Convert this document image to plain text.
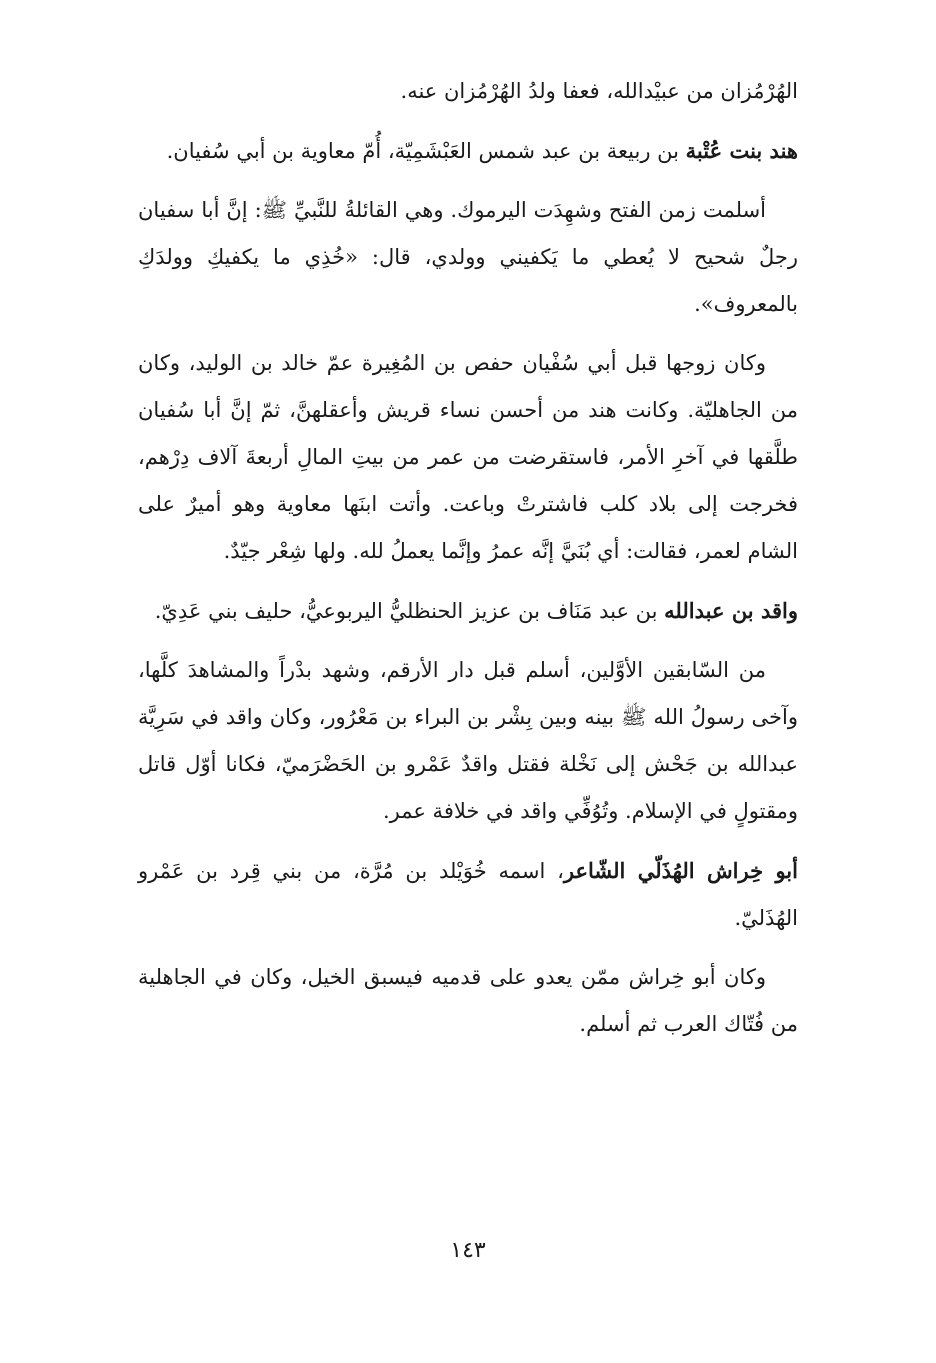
الهُرْمُزان من عبيْدالله، فعفا ولدُ الهُرْمُزان عنه.

هند بنت عُتْبة بن ربيعة بن عبد شمس العَبْشَمِيّة، أُمّ معاوية بن أبي سُفيان.

أسلمت زمن الفتح وشهِدَت اليرموك. وهي القائلةُ للنَّبيِّ ﷺ: إنَّ أبا سفيان رجلٌ شحيح لا يُعطي ما يَكفيني وولدي، قال: «خُذِي ما يكفيكِ وولدَكِ بالمعروف».

وكان زوجها قبل أبي سُفْيان حفص بن المُغِيرة عمّ خالد بن الوليد، وكان من الجاهليّة. وكانت هند من أحسن نساء قريش وأعقلهنَّ، ثمّ إنَّ أبا سُفيان طلَّقها في آخرِ الأمر، فاستقرضت من عمر من بيتِ المالِ أربعةَ آلاف دِرْهم، فخرجت إلى بلاد كلب فاشترتْ وباعت. وأتت ابنَها معاوية وهو أميرٌ على الشام لعمر، فقالت: أي بُنَيَّ إنَّه عمرُ وإنَّما يعملُ لله. ولها شِعْر جيّدٌ.

واقد بن عبدالله بن عبد مَنَاف بن عزيز الحنظليُّ اليربوعيُّ، حليف بني عَدِيّ.

من السّابقين الأوَّلين، أسلم قبل دار الأرقم، وشهد بدْراً والمشاهدَ كلَّها، وآخى رسولُ الله ﷺ بينه وبين بِشْر بن البراء بن مَعْرُور، وكان واقد في سَرِيَّة عبدالله بن جَحْش إلى نَخْلة فقتل واقدٌ عَمْرو بن الحَضْرَميّ، فكانا أوّل قاتل ومقتولٍ في الإسلام. وتُوُفِّي واقد في خلافة عمر.

أبو خِراش الهُذَلّي الشّاعر، اسمه خُوَيْلد بن مُرَّة، من بني قِرد بن عَمْرو الهُذَليّ.

وكان أبو خِراش ممّن يعدو على قدميه فيسبق الخيل، وكان في الجاهلية من فُتّاك العرب ثم أسلم.

١٤٣
